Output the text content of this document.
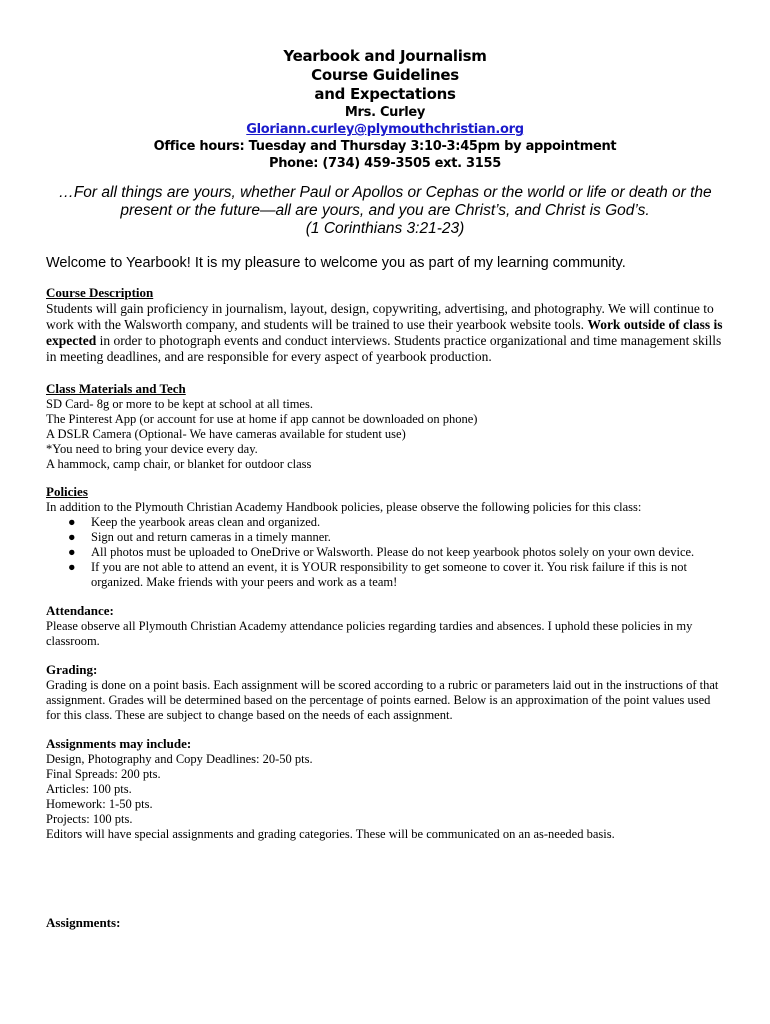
Yearbook and Journalism
Course Guidelines
and Expectations
Mrs. Curley
Gloriann.curley@plymouthchristian.org
Office hours: Tuesday and Thursday 3:10-3:45pm by appointment
Phone: (734) 459-3505 ext. 3155
…For all things are yours, whether Paul or Apollos or Cephas or the world or life or death or the
present or the future—all are yours, and you are Christ’s, and Christ is God’s.
(1 Corinthians 3:21-23)
Welcome to Yearbook! It is my pleasure to welcome you as part of my learning community.
Course Description

Students will gain proficiency in journalism, layout, design, copywriting, advertising, and photography. We will continue to work with the Walsworth company, and students will be trained to use their yearbook website tools. Work outside of class is expected in order to photograph events and conduct interviews. Students practice organizational and time management skills in meeting deadlines, and are responsible for every aspect of yearbook production.

Class Materials and Tech
SD Card- 8g or more to be kept at school at all times.
The Pinterest App (or account for use at home if app cannot be downloaded on phone)
A DSLR Camera (Optional- We have cameras available for student use)
*You need to bring your device every day.
A hammock, camp chair, or blanket for outdoor class
Policies
In addition to the Plymouth Christian Academy Handbook policies, please observe the following policies for this class:
● Keep the yearbook areas clean and organized.
● Sign out and return cameras in a timely manner.
● All photos must be uploaded to OneDrive or Walsworth. Please do not keep yearbook photos solely on your own device.
● If you are not able to attend an event, it is YOUR responsibility to get someone to cover it. You risk failure if this is not organized. Make friends with your peers and work as a team!
Attendance:

Please observe all Plymouth Christian Academy attendance policies regarding tardies and absences. I uphold these policies in my classroom.

Grading:

Grading is done on a point basis. Each assignment will be scored according to a rubric or parameters laid out in the instructions of that assignment. Grades will be determined based on the percentage of points earned. Below is an approximation of the point values used for this class. These are subject to change based on the needs of each assignment.

Assignments may include:
Design, Photography and Copy Deadlines: 20-50 pts.
Final Spreads: 200 pts.
Articles: 100 pts.
Homework: 1-50 pts.
Projects: 100 pts.
Editors will have special assignments and grading categories. These will be communicated on an as-needed basis.
Assignments:
